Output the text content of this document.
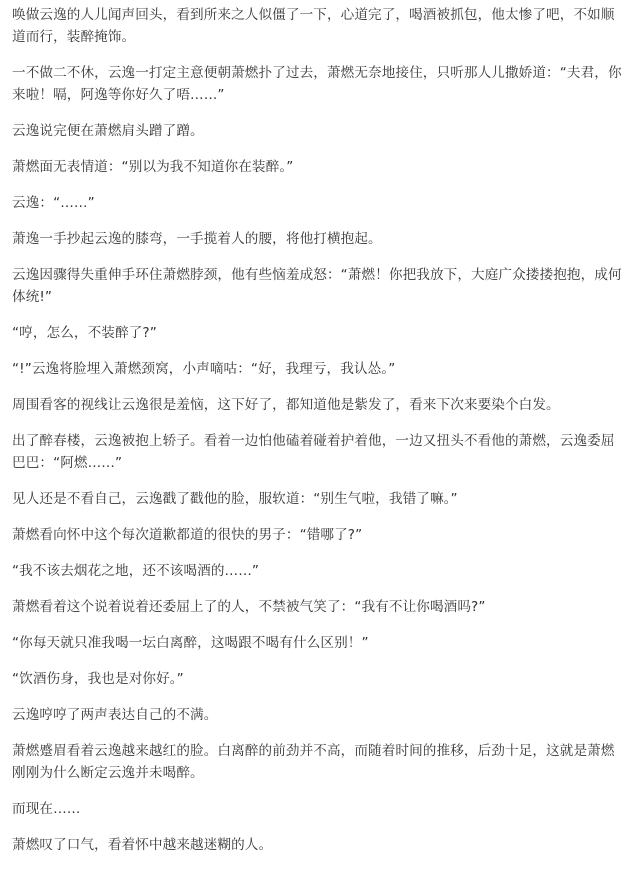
唤做云逸的人儿闻声回头，看到所来之人似僵了一下，心道完了，喝酒被抓包，他太惨了吧，不如顺道而行，装醉掩饰。

一不做二不休，云逸一打定主意便朝萧燃扑了过去，萧燃无奈地接住，只听那人儿撒娇道：“夫君，你来啦！嗝，阿逸等你好久了唔……”

云逸说完便在萧燃肩头蹭了蹭。

萧燃面无表情道：“别以为我不知道你在装醉。”

云逸：“……”

萧逸一手抄起云逸的膝弯，一手揽着人的腰，将他打横抱起。

云逸因骤得失重伸手环住萧燃脖颈，他有些恼羞成怒：“萧燃！你把我放下，大庭广众搂搂抱抱，成何体统!”

“哼，怎么，不装醉了?”

“!”云逸将脸埋入萧燃颈窝，小声嘀咕：“好，我理亏，我认怂。”

周围看客的视线让云逸很是羞恼，这下好了，都知道他是紫发了，看来下次来要染个白发。

出了醉春楼，云逸被抱上轿子。看着一边怕他磕着碰着护着他，一边又扭头不看他的萧燃，云逸委屈巴巴：“阿燃……”

见人还是不看自己，云逸戳了戳他的脸，服软道：“别生气啦，我错了嘛。”

萧燃看向怀中这个每次道歉都道的很快的男子：“错哪了?”

“我不该去烟花之地，还不该喝酒的……”

萧燃看着这个说着说着还委屈上了的人，不禁被气笑了：“我有不让你喝酒吗?”

“你每天就只准我喝一坛白离醉，这喝跟不喝有什么区别！”

“饮酒伤身，我也是对你好。”

云逸哼哼了两声表达自己的不满。

萧燃蹙眉看着云逸越来越红的脸。白离醉的前劲并不高，而随着时间的推移，后劲十足，这就是萧燃刚刚为什么断定云逸并未喝醉。

而现在……

萧燃叹了口气，看着怀中越来越迷糊的人。
